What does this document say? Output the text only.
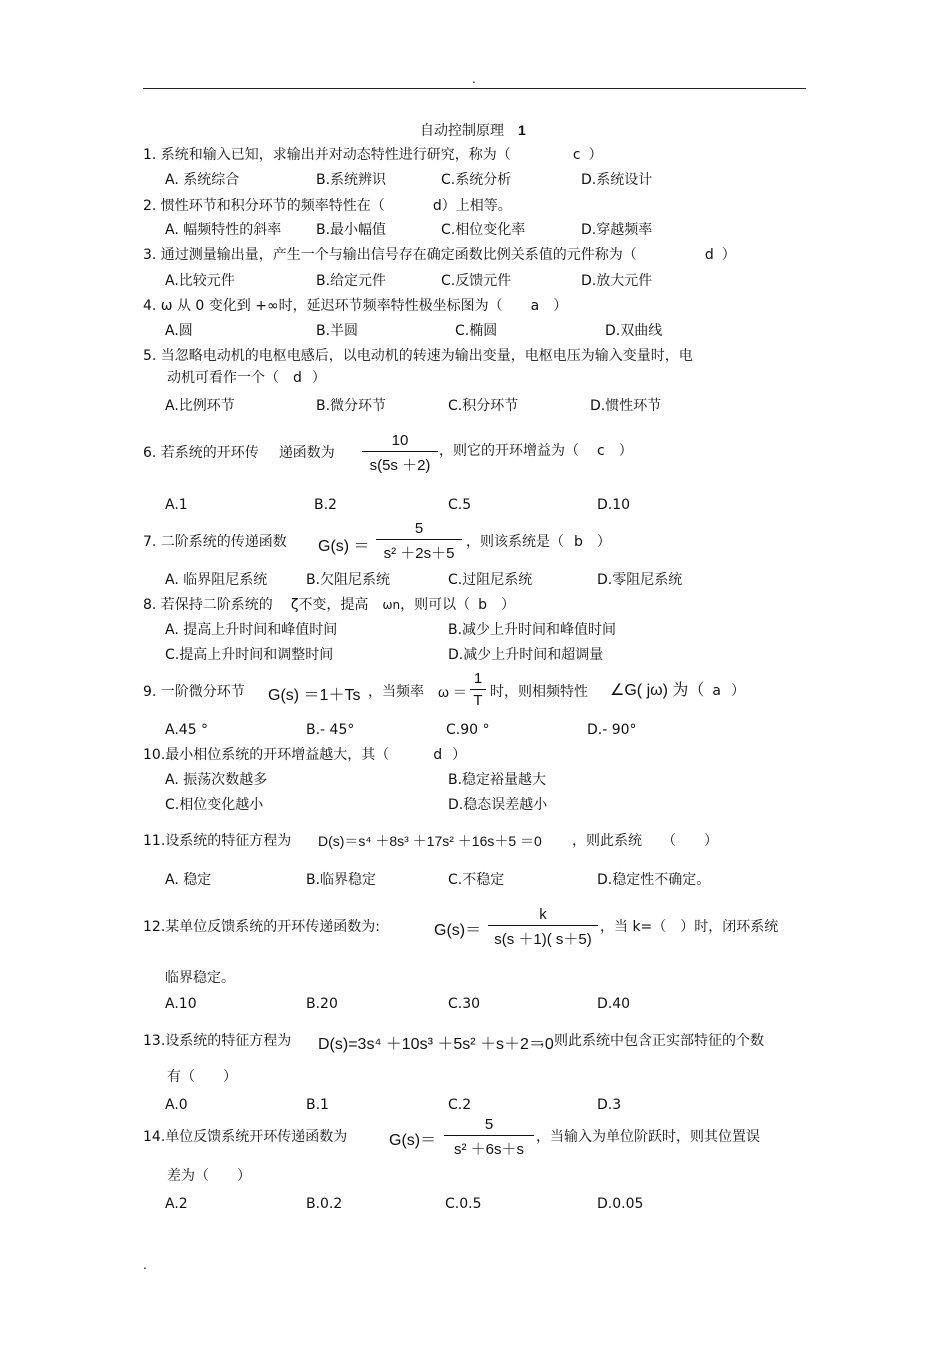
.
自动控制原理 1
1. 系统和输入已知，求输出并对动态特性进行研究，称为（	c ）
A. 系统综合	B.系统辨识	C.系统分析	D.系统设计
2. 惯性环节和积分环节的频率特性在（	d）上相等。
A. 幅频特性的斜率 B.最小幅值	C.相位变化率	D.穿越频率
3. 通过测量输出量，产生一个与输出信号存在确定函数比例关系值的元件称为（	d ）
A.比较元件	B.给定元件	C.反馈元件	D.放大元件
4. ω 从 0 变化到 +∞时，延迟环节频率特性极坐标图为（ a ）
A.圆	B.半圆	C.椭圆	D.双曲线
5. 当忽略电动机的电枢电感后，以电动机的转速为输出变量，电枢电压为输入变量时，电
动机可看作一个（ d ）
A.比例环节	B.微分环节	C.积分环节	D.惯性环节
6. 若系统的开环传 递函数为
10
s(5s ＋2)
，则它的开环增益为（ c ）
A.1	B.2	C.5	D.10
7. 二阶系统的传递函数 G(s) ＝
5
s² ＋2s＋5
，则该系统是（ b ）
A. 临界阻尼系统	B.欠阻尼系统	C.过阻尼系统	D.零阻尼系统
8. 若保持二阶系统的 ζ不变，提高 ωn，则可以（ b ）
A. 提高上升时间和峰值时间	B.减少上升时间和峰值时间
C.提高上升时间和调整时间	D.减少上升时间和超调量
9. 一阶微分环节 G(s) ＝1＋Ts ，当频率 ω ＝
1
T 时，则相频特性 ∠G( jω) 为（ a ）
A.45 °	B.- 45°	C.90 °	D.- 90°
10.最小相位系统的开环增益越大，其（	d ）
A. 振荡次数越多	B.稳定裕量越大
C.相位变化越小	D.稳态误差越小
11.设系统的特征方程为 D(s)＝s⁴ ＋8s³ ＋17s² ＋16s＋5 ＝0 ，则此系统 （　　）
A. 稳定	B.临界稳定	C.不稳定	D.稳定性不确定。
12.某单位反馈系统的开环传递函数为:	G(s)＝
k
s(s ＋1)( s＋5)
，当 k=（　）时，闭环系统
临界稳定。
A.10	B.20	C.30	D.40
13.设系统的特征方程为 D(s)=3s⁴ ＋10s³ ＋5s² ＋s＋2＝0
，则此系统中包含正实部特征的个数
有（　　）
A.0	B.1	C.2	D.3
14.单位反馈系统开环传递函数为	G(s)＝
5
s² ＋6s＋s
，当输入为单位阶跃时，则其位置误
差为（　　）
A.2	B.0.2	C.0.5	D.0.05
.
